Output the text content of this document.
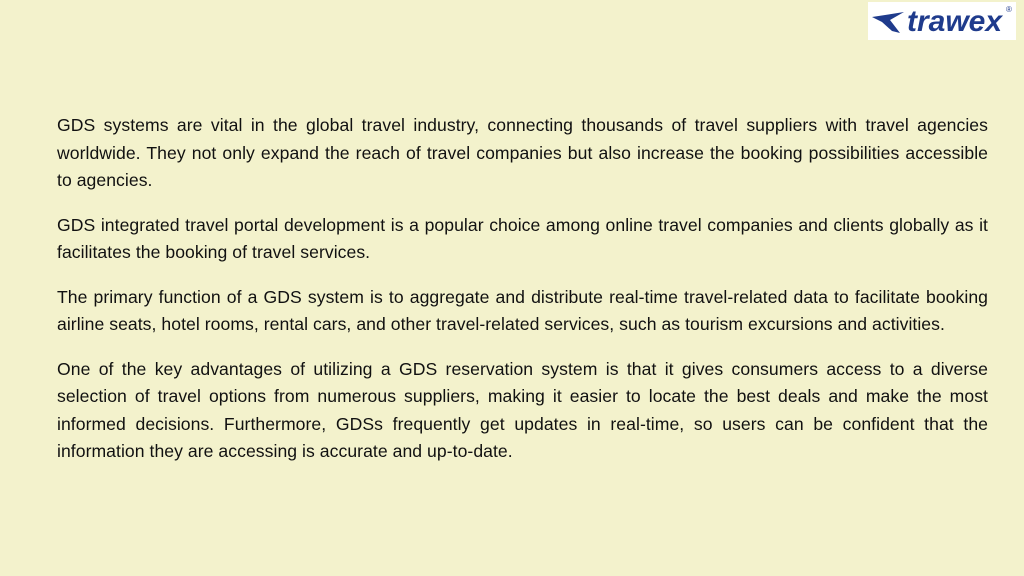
trawex ®

GDS systems are vital in the global travel industry, connecting thousands of travel suppliers with travel agencies worldwide. They not only expand the reach of travel companies but also increase the booking possibilities accessible to agencies.

GDS integrated travel portal development is a popular choice among online travel companies and clients globally as it facilitates the booking of travel services.

The primary function of a GDS system is to aggregate and distribute real-time travel-related data to facilitate booking airline seats, hotel rooms, rental cars, and other travel-related services, such as tourism excursions and activities.

One of the key advantages of utilizing a GDS reservation system is that it gives consumers access to a diverse selection of travel options from numerous suppliers, making it easier to locate the best deals and make the most informed decisions. Furthermore, GDSs frequently get updates in real-time, so users can be confident that the information they are accessing is accurate and up-to-date.
